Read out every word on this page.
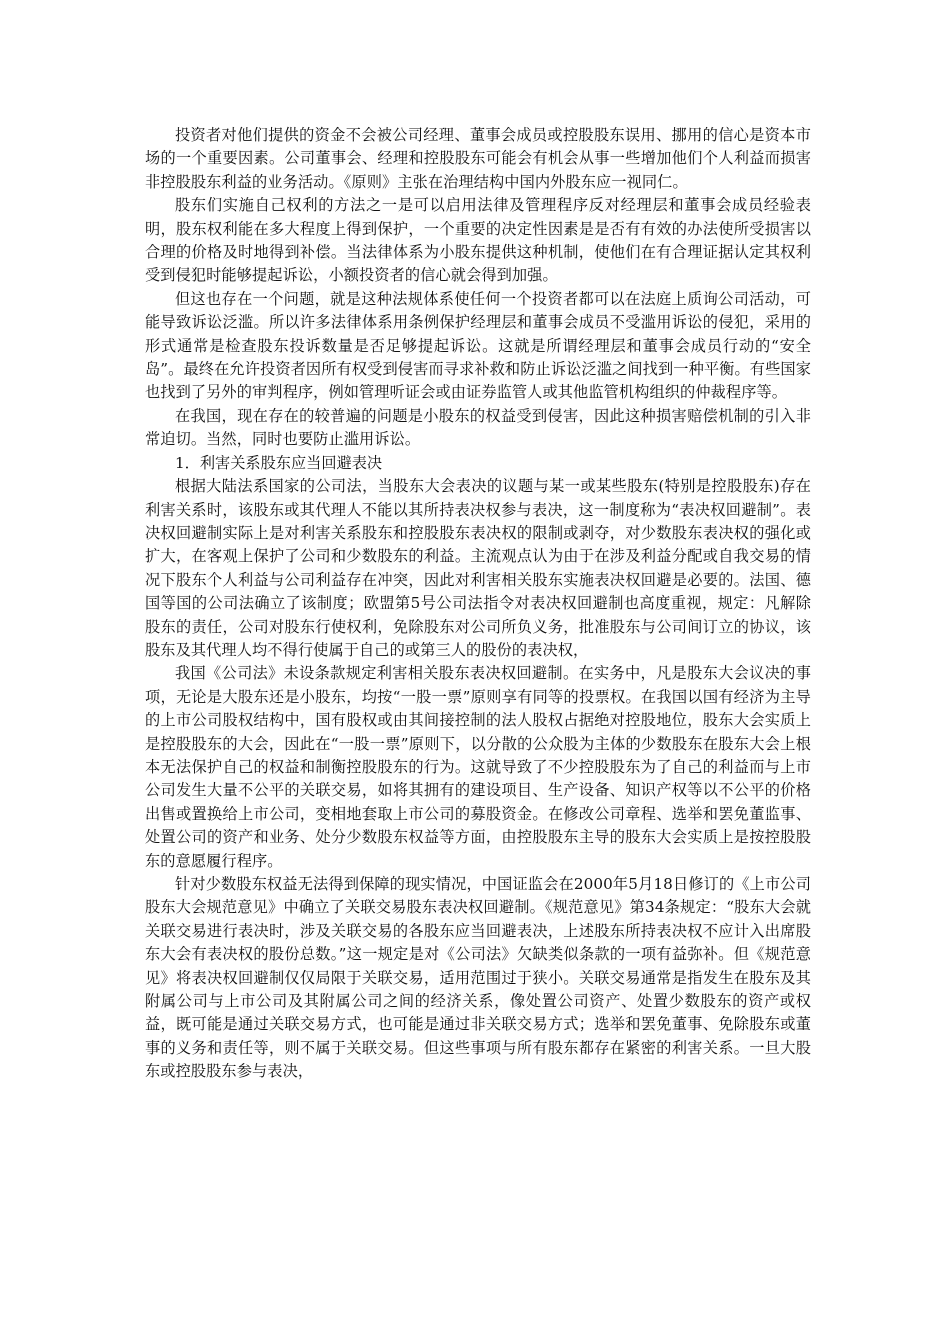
投资者对他们提供的资金不会被公司经理、董事会成员或控股股东误用、挪用的信心是资本市场的一个重要因素。公司董事会、经理和控股股东可能会有机会从事一些增加他们个人利益而损害非控股股东利益的业务活动。《原则》主张在治理结构中国内外股东应一视同仁。

股东们实施自己权利的方法之一是可以启用法律及管理程序反对经理层和董事会成员经验表明，股东权利能在多大程度上得到保护，一个重要的决定性因素是是否有有效的办法使所受损害以合理的价格及时地得到补偿。当法律体系为小股东提供这种机制，使他们在有合理证据认定其权利受到侵犯时能够提起诉讼，小额投资者的信心就会得到加强。

但这也存在一个问题，就是这种法规体系使任何一个投资者都可以在法庭上质询公司活动，可能导致诉讼泛滥。所以许多法律体系用条例保护经理层和董事会成员不受滥用诉讼的侵犯，采用的形式通常是检查股东投诉数量是否足够提起诉讼。这就是所谓经理层和董事会成员行动的“安全岛”。最终在允许投资者因所有权受到侵害而寻求补救和防止诉讼泛滥之间找到一种平衡。有些国家也找到了另外的审判程序，例如管理听证会或由证券监管人或其他监管机构组织的仲裁程序等。

在我国，现在存在的较普遍的问题是小股东的权益受到侵害，因此这种损害赔偿机制的引入非常迫切。当然，同时也要防止滥用诉讼。

1．利害关系股东应当回避表决

根据大陆法系国家的公司法，当股东大会表决的议题与某一或某些股东(特别是控股股东)存在利害关系时，该股东或其代理人不能以其所持表决权参与表决，这一制度称为“表决权回避制”。表决权回避制实际上是对利害关系股东和控股股东表决权的限制或剥夺，对少数股东表决权的强化或扩大，在客观上保护了公司和少数股东的利益。主流观点认为由于在涉及利益分配或自我交易的情况下股东个人利益与公司利益存在冲突，因此对利害相关股东实施表决权回避是必要的。法国、德国等国的公司法确立了该制度；欧盟第5号公司法指令对表决权回避制也高度重视，规定：凡解除股东的责任，公司对股东行使权利，免除股东对公司所负义务，批准股东与公司间订立的协议，该股东及其代理人均不得行使属于自己的或第三人的股份的表决权，

我国《公司法》未设条款规定利害相关股东表决权回避制。在实务中，凡是股东大会议决的事项，无论是大股东还是小股东，均按“一股一票”原则享有同等的投票权。在我国以国有经济为主导的上市公司股权结构中，国有股权或由其间接控制的法人股权占据绝对控股地位，股东大会实质上是控股股东的大会，因此在“一股一票”原则下，以分散的公众股为主体的少数股东在股东大会上根本无法保护自己的权益和制衡控股股东的行为。这就导致了不少控股股东为了自己的利益而与上市公司发生大量不公平的关联交易，如将其拥有的建设项目、生产设备、知识产权等以不公平的价格出售或置换给上市公司，变相地套取上市公司的募股资金。在修改公司章程、选举和罢免董监事、处置公司的资产和业务、处分少数股东权益等方面，由控股股东主导的股东大会实质上是按控股股东的意愿履行程序。

针对少数股东权益无法得到保障的现实情况，中国证监会在2000年5月18日修订的《上市公司股东大会规范意见》中确立了关联交易股东表决权回避制。《规范意见》第34条规定：“股东大会就关联交易进行表决时，涉及关联交易的各股东应当回避表决，上述股东所持表决权不应计入出席股东大会有表决权的股份总数。”这一规定是对《公司法》欠缺类似条款的一项有益弥补。但《规范意见》将表决权回避制仅仅局限于关联交易，适用范围过于狭小。关联交易通常是指发生在股东及其附属公司与上市公司及其附属公司之间的经济关系，像处置公司资产、处置少数股东的资产或权益，既可能是通过关联交易方式，也可能是通过非关联交易方式；选举和罢免董事、免除股东或董事的义务和责任等，则不属于关联交易。但这些事项与所有股东都存在紧密的利害关系。一旦大股东或控股股东参与表决，
